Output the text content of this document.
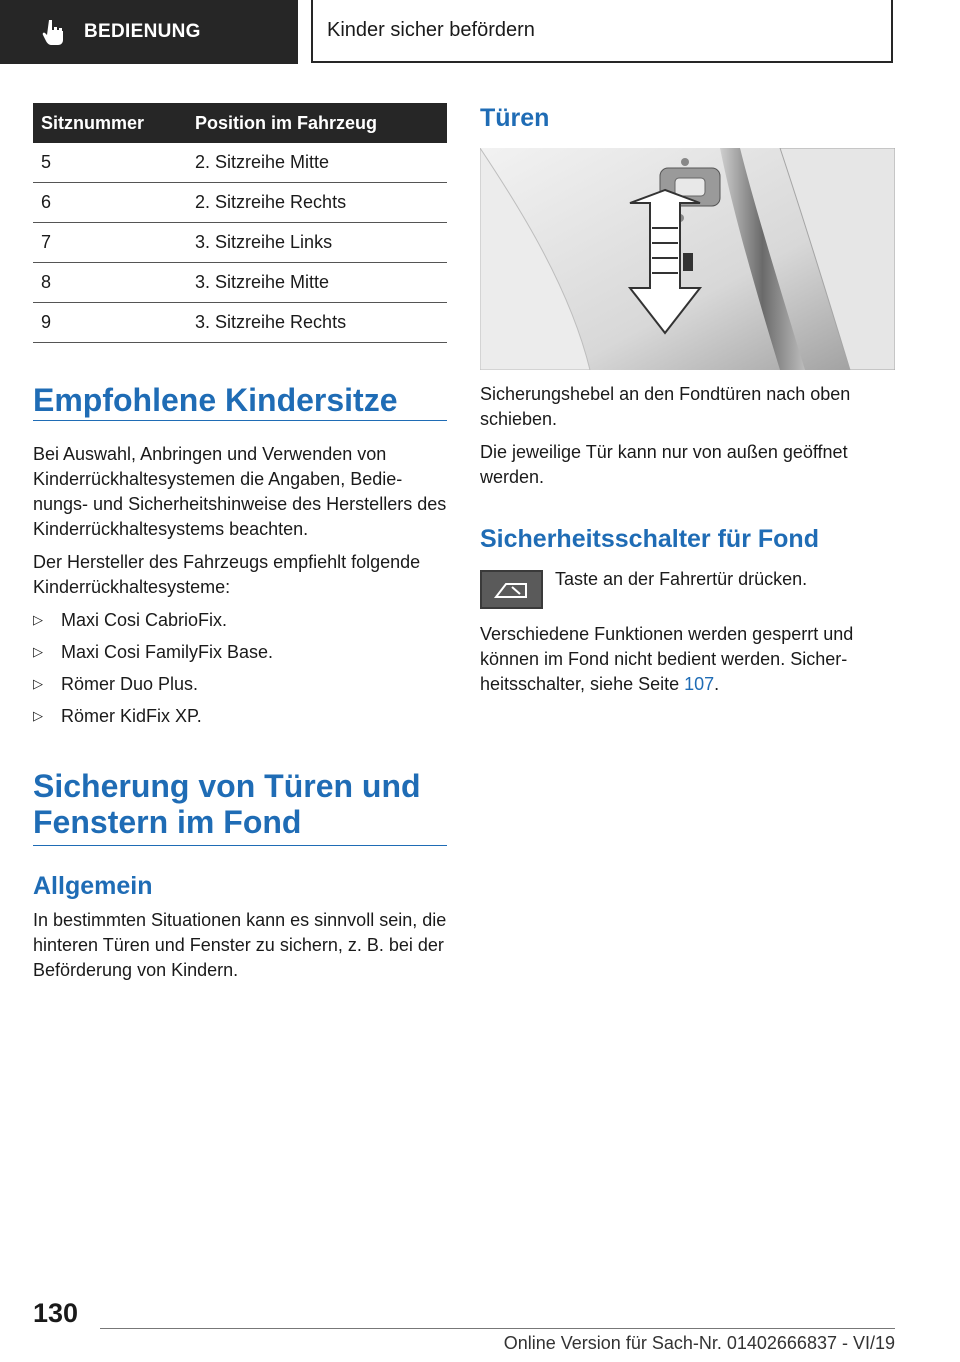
BEDIENUNG	Kinder sicher befördern
Sitznummer	Position im Fahrzeug
5	2. Sitzreihe Mitte
6	2. Sitzreihe Rechts
7	3. Sitzreihe Links
8	3. Sitzreihe Mitte
9	3. Sitzreihe Rechts
Empfohlene Kindersitze

Bei Auswahl, Anbringen und Verwenden von Kinderrückhaltesystemen die Angaben, Bedie-nungs- und Sicherheitshinweise des Herstellers des Kinderrückhaltesystems beachten.

Der Hersteller des Fahrzeugs empfiehlt folgende Kinderrückhaltesysteme:

▷	Maxi Cosi CabrioFix.
▷	Maxi Cosi FamilyFix Base.
▷	Römer Duo Plus.
▷	Römer KidFix XP.
Sicherung von Türen und
Fenstern im Fond
Allgemein
In bestimmten Situationen kann es sinnvoll sein, die hinteren Türen und Fenster zu sichern, z. B. bei der Beförderung von Kindern.
Türen

Sicherungshebel an den Fondtüren nach oben schieben.

Die jeweilige Tür kann nur von außen geöffnet werden.

Sicherheitsschalter für Fond
Taste an der Fahrertür drücken.
Verschiedene Funktionen werden gesperrt und können im Fond nicht bedient werden. Sicher-heitsschalter, siehe Seite 107.
130
Online Version für Sach-Nr. 01402666837 - VI/19
